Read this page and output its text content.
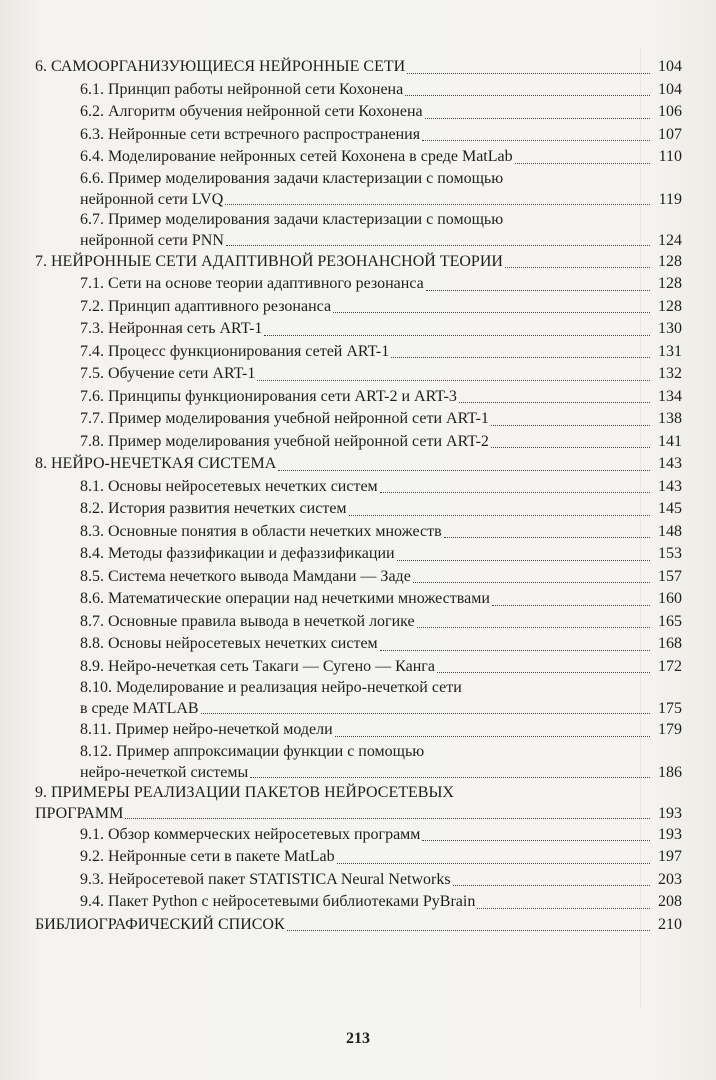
6. САМООРГАНИЗУЮЩИЕСЯ НЕЙРОННЫЕ СЕТИ	104
6.1. Принцип работы нейронной сети Кохонена	104
6.2. Алгоритм обучения нейронной сети Кохонена	106
6.3. Нейронные сети встречного распространения	107
6.4. Моделирование нейронных сетей Кохонена в среде MatLab	110
6.6. Пример моделирования задачи кластеризации с помощью
нейронной сети LVQ	119
6.7. Пример моделирования задачи кластеризации с помощью
нейронной сети PNN	124
7. НЕЙРОННЫЕ СЕТИ АДАПТИВНОЙ РЕЗОНАНСНОЙ ТЕОРИИ	128
7.1. Сети на основе теории адаптивного резонанса	128
7.2. Принцип адаптивного резонанса	128
7.3. Нейронная сеть ART-1	130
7.4. Процесс функционирования сетей ART-1	131
7.5. Обучение сети ART-1	132
7.6. Принципы функционирования сети ART-2 и ART-3	134
7.7. Пример моделирования учебной нейронной сети ART-1	138
7.8. Пример моделирования учебной нейронной сети ART-2	141
8. НЕЙРО-НЕЧЕТКАЯ СИСТЕМА	143
8.1. Основы нейросетевых нечетких систем	143
8.2. История развития нечетких систем	145
8.3. Основные понятия в области нечетких множеств	148
8.4. Методы фаззификации и дефаззификации	153
8.5. Система нечеткого вывода Мамдани — Заде	157
8.6. Математические операции над нечеткими множествами	160
8.7. Основные правила вывода в нечеткой логике	165
8.8. Основы нейросетевых нечетких систем	168
8.9. Нейро-нечеткая сеть Такаги — Сугено — Канга	172
8.10. Моделирование и реализация нейро-нечеткой сети
в среде MATLAB	175
8.11. Пример нейро-нечеткой модели	179
8.12. Пример аппроксимации функции с помощью
нейро-нечеткой системы	186
9. ПРИМЕРЫ РЕАЛИЗАЦИИ ПАКЕТОВ НЕЙРОСЕТЕВЫХ
ПРОГРАММ	193
9.1. Обзор коммерческих нейросетевых программ	193
9.2. Нейронные сети в пакете MatLab	197
9.3. Нейросетевой пакет STATISTICA Neural Networks	203
9.4. Пакет Python с нейросетевыми библиотеками PyBrain	208
БИБЛИОГРАФИЧЕСКИЙ СПИСОК	210
213
